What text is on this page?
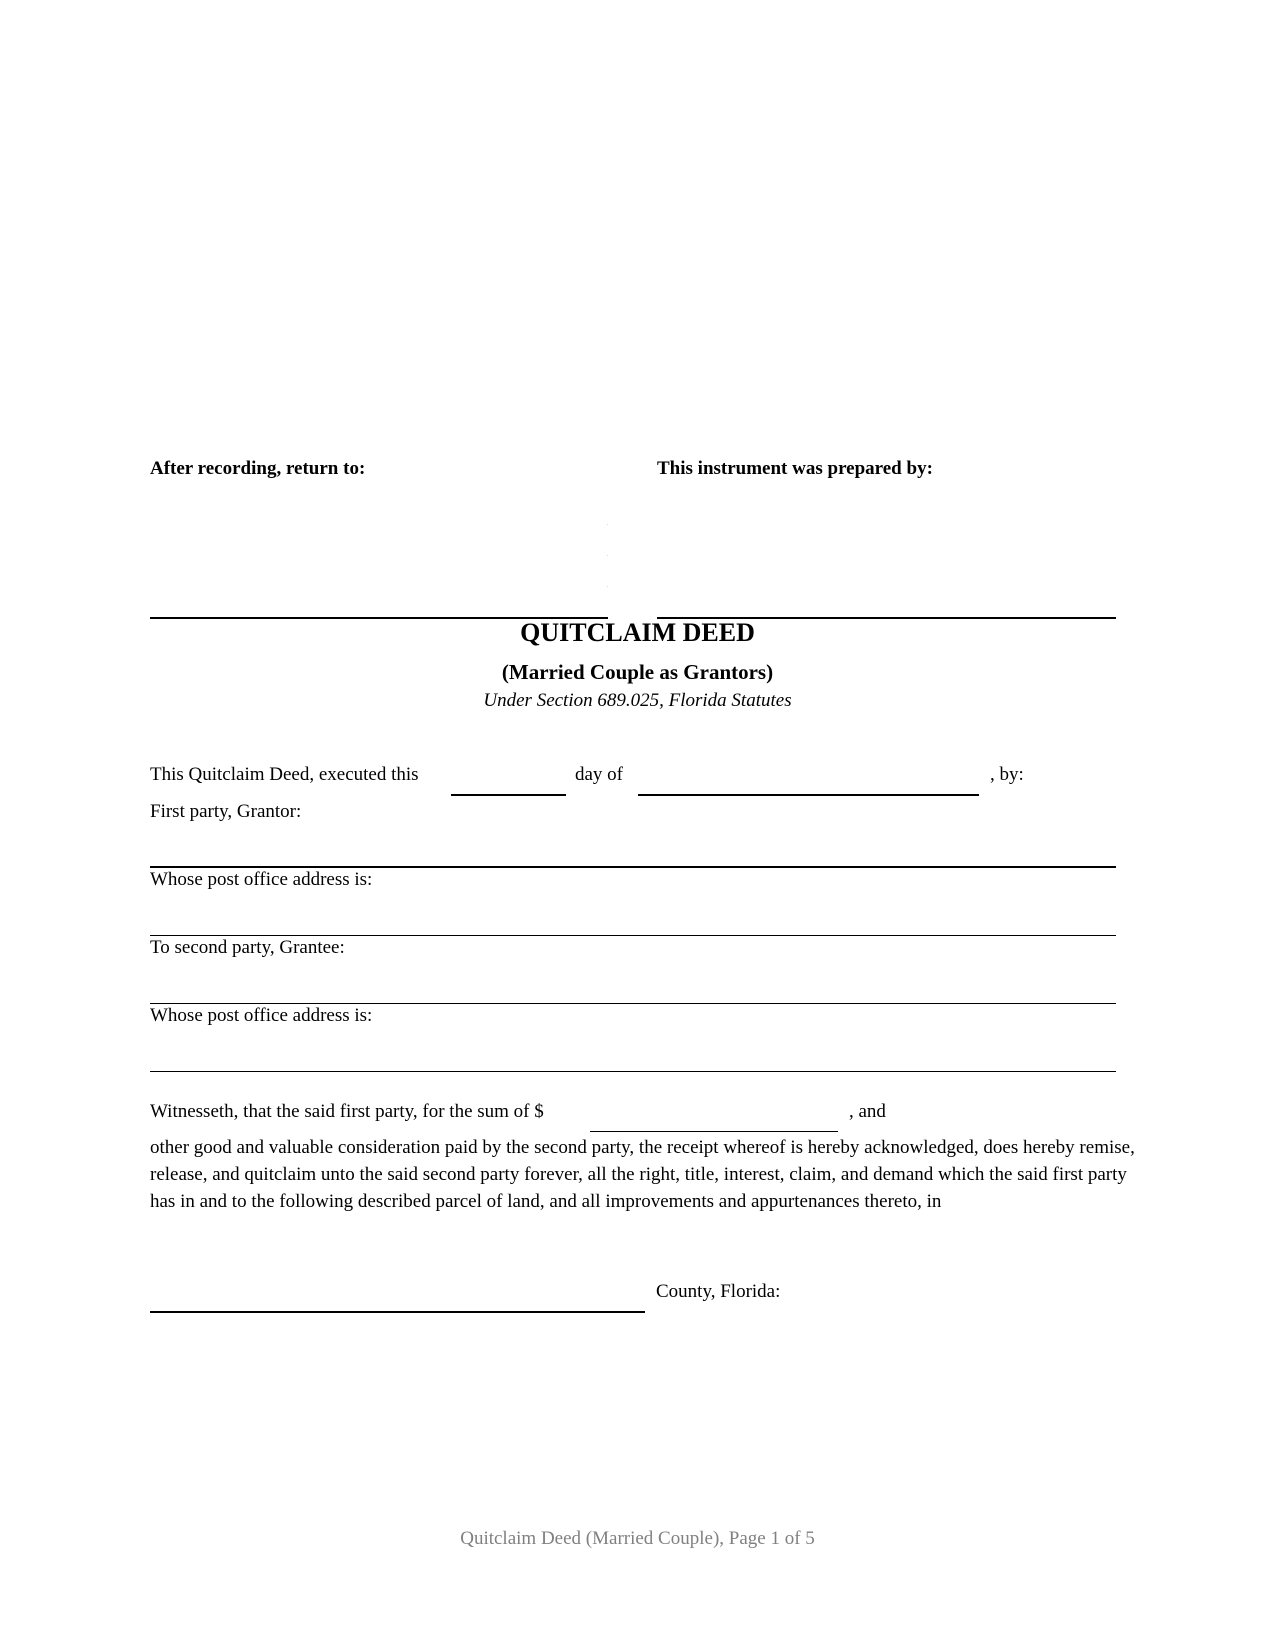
After recording, return to:	This instrument was prepared by:
QUITCLAIM DEED
(Married Couple as Grantors)
Under Section 689.025, Florida Statutes
This Quitclaim Deed, executed this	day of	, by:
First party, Grantor:
Whose post office address is:
To second party, Grantee:
Whose post office address is:
Witnesseth, that the said first party, for the sum of $	, and
other good and valuable consideration paid by the second party, the receipt whereof is hereby acknowledged, does hereby remise, release, and quitclaim unto the said second party forever, all the right, title, interest, claim, and demand which the said first party has in and to the following described parcel of land, and all improvements and appurtenances thereto, in
County, Florida:
Quitclaim Deed (Married Couple), Page 1 of 5
